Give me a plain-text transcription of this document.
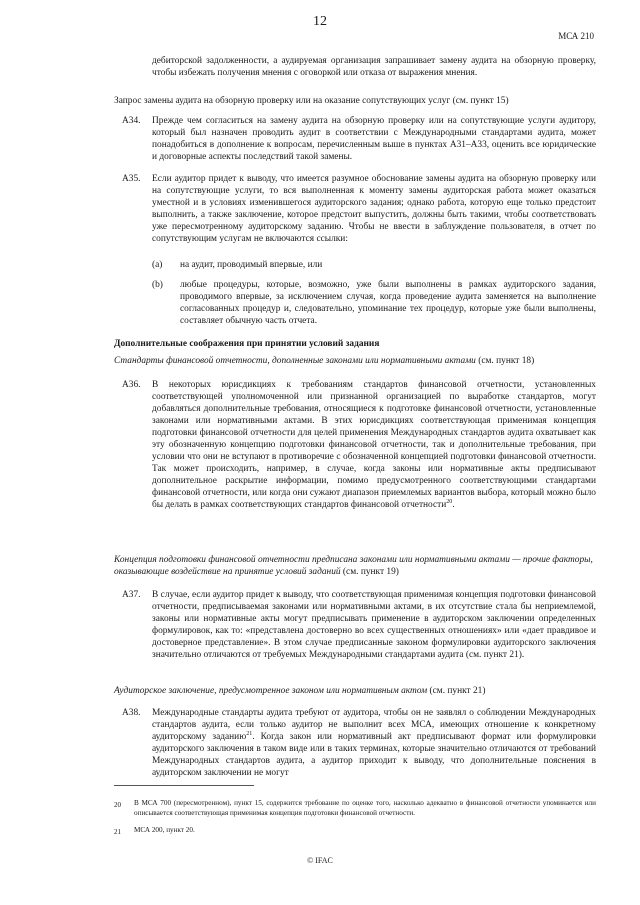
12
МСА 210

дебиторской задолженности, а аудируемая организация запрашивает замену аудита на обзорную проверку, чтобы избежать получения мнения с оговоркой или отказа от выражения мнения.

Запрос замены аудита на обзорную проверку или на оказание сопутствующих услуг (см. пункт 15)

A34. Прежде чем согласиться на замену аудита на обзорную проверку или на сопутствующие услуги аудитору, который был назначен проводить аудит в соответствии с Международными стандартами аудита, может понадобиться в дополнение к вопросам, перечисленным выше в пунктах A31–A33, оценить все юридические и договорные аспекты последствий такой замены.

A35. Если аудитор придет к выводу, что имеется разумное обоснование замены аудита на обзорную проверку или на сопутствующие услуги, то вся выполненная к моменту замены аудиторская работа может оказаться уместной и в условиях изменившегося аудиторского задания; однако работа, которую еще только предстоит выполнить, а также заключение, которое предстоит выпустить, должны быть такими, чтобы соответствовать уже пересмотренному аудиторскому заданию. Чтобы не ввести в заблуждение пользователя, в отчет по сопутствующим услугам не включаются ссылки:

(a) на аудит, проводимый впервые, или

(b) любые процедуры, которые, возможно, уже были выполнены в рамках аудиторского задания, проводимого впервые, за исключением случая, когда проведение аудита заменяется на выполнение согласованных процедур и, следовательно, упоминание тех процедур, которые уже были выполнены, составляет обычную часть отчета.

Дополнительные соображения при принятии условий задания
Стандарты финансовой отчетности, дополненные законами или нормативными актами (см. пункт 18)
A36. В некоторых юрисдикциях к требованиям стандартов финансовой отчетности, установленных соответствующей уполномоченной или признанной организацией по выработке стандартов, могут добавляться дополнительные требования, относящиеся к подготовке финансовой отчетности, установленные законами или нормативными актами. В этих юрисдикциях соответствующая применимая концепция подготовки финансовой отчетности для целей применения Международных стандартов аудита охватывает как эту обозначенную концепцию подготовки финансовой отчетности, так и дополнительные требования, при условии что они не вступают в противоречие с обозначенной концепцией подготовки финансовой отчетности. Так может происходить, например, в случае, когда законы или нормативные акты предписывают дополнительное раскрытие информации, помимо предусмотренного соответствующими стандартами финансовой отчетности, или когда они сужают диапазон приемлемых вариантов выбора, который можно было бы делать в рамках соответствующих стандартов финансовой отчетности$^{20}$.

Концепция подготовки финансовой отчетности предписана законами или нормативными актами — прочие факторы, оказывающие воздействие на принятие условий заданий (см. пункт 19)
A37. В случае, если аудитор придет к выводу, что соответствующая применимая концепция подготовки финансовой отчетности, предписываемая законами или нормативными актами, в их отсутствие стала бы неприемлемой, законы или нормативные акты могут предписывать применение в аудиторском заключении определенных формулировок, как то: «представлена достоверно во всех существенных отношениях» или «дает правдивое и достоверное представление». В этом случае предписанные законом формулировки аудиторского заключения значительно отличаются от требуемых Международными стандартами аудита (см. пункт 21).

Аудиторское заключение, предусмотренное законом или нормативным актом (см. пункт 21)
A38. Международные стандарты аудита требуют от аудитора, чтобы он не заявлял о соблюдении Международных стандартов аудита, если только аудитор не выполнит всех МСА, имеющих отношение к конкретному аудиторскому заданию$^{21}$. Когда закон или нормативный акт предписывают формат или формулировки аудиторского заключения в таком виде или в таких терминах, которые значительно отличаются от требований Международных стандартов аудита, а аудитор приходит к выводу, что дополнительные пояснения в аудиторском заключении не могут

20 В МСА 700 (пересмотренном), пункт 15, содержится требование по оценке того, насколько адекватно в финансовой отчетности упоминается или описывается соответствующая применимая концепция подготовки финансовой отчетности.

21 МСА 200, пункт 20.

© IFAC
